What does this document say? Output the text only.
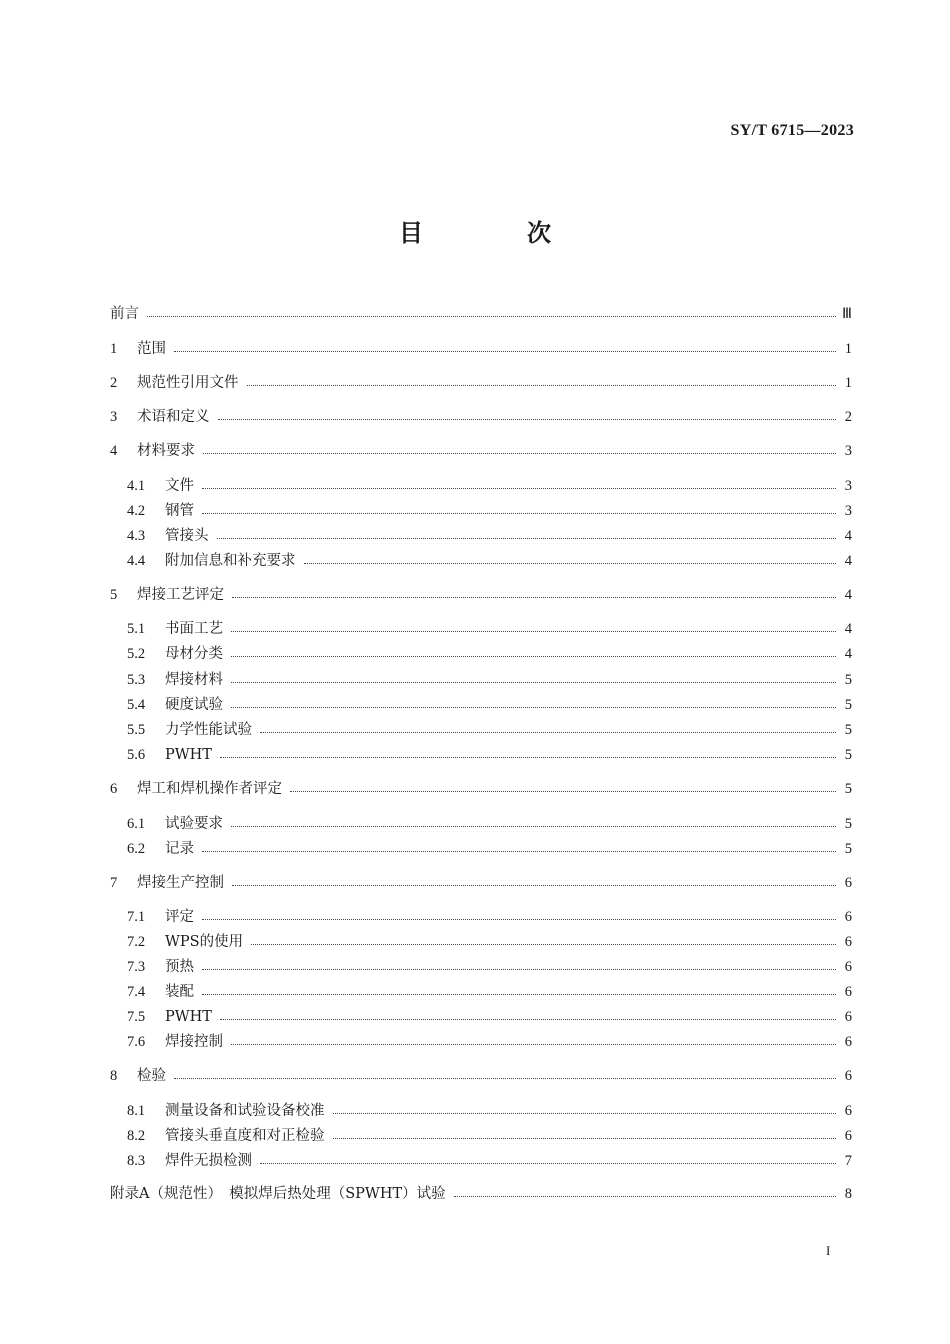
SY/T 6715—2023
目　次
前言	Ⅲ
1	范围	1
2	规范性引用文件	1
3	术语和定义	2
4	材料要求	3
4.1	文件	3
4.2	钢管	3
4.3	管接头	4
4.4	附加信息和补充要求	4
5	焊接工艺评定	4
5.1	书面工艺	4
5.2	母材分类	4
5.3	焊接材料	5
5.4	硬度试验	5
5.5	力学性能试验	5
5.6	PWHT	5
6	焊工和焊机操作者评定	5
6.1	试验要求	5
6.2	记录	5
7	焊接生产控制	6
7.1	评定	6
7.2	WPS的使用	6
7.3	预热	6
7.4	装配	6
7.5	PWHT	6
7.6	焊接控制	6
8	检验	6
8.1	测量设备和试验设备校准	6
8.2	管接头垂直度和对正检验	6
8.3	焊件无损检测	7
附录A（规范性）　模拟焊后热处理（SPWHT）试验	8
I
